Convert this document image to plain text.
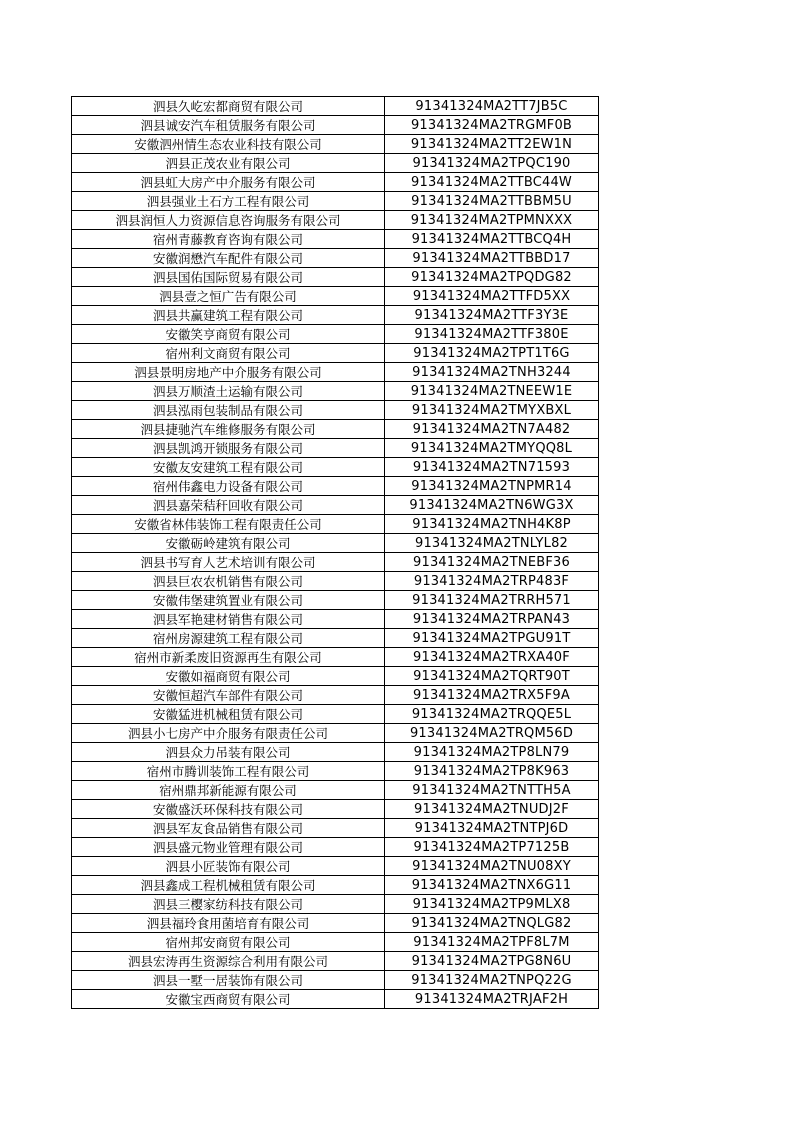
泗县久屹宏都商贸有限公司	91341324MA2TT7JB5C
泗县诚安汽车租赁服务有限公司	91341324MA2TRGMF0B
安徽泗州情生态农业科技有限公司	91341324MA2TT2EW1N
泗县正茂农业有限公司	91341324MA2TPQC190
泗县虹大房产中介服务有限公司	91341324MA2TTBC44W
泗县强业土石方工程有限公司	91341324MA2TTBBM5U
泗县润恒人力资源信息咨询服务有限公司	91341324MA2TPMNXXX
宿州青藤教育咨询有限公司	91341324MA2TTBCQ4H
安徽润懋汽车配件有限公司	91341324MA2TTBBD17
泗县国佑国际贸易有限公司	91341324MA2TPQDG82
泗县壹之恒广告有限公司	91341324MA2TTFD5XX
泗县共赢建筑工程有限公司	91341324MA2TTF3Y3E
安徽笑亨商贸有限公司	91341324MA2TTF380E
宿州利文商贸有限公司	91341324MA2TPT1T6G
泗县景明房地产中介服务有限公司	91341324MA2TNH3244
泗县万顺渣土运输有限公司	91341324MA2TNEEW1E
泗县泓雨包装制品有限公司	91341324MA2TMYXBXL
泗县捷驰汽车维修服务有限公司	91341324MA2TN7A482
泗县凯鸿开锁服务有限公司	91341324MA2TMYQQ8L
安徽友安建筑工程有限公司	91341324MA2TN71593
宿州伟鑫电力设备有限公司	91341324MA2TNPMR14
泗县嘉荣秸秆回收有限公司	91341324MA2TN6WG3X
安徽省林伟装饰工程有限责任公司	91341324MA2TNH4K8P
安徽砺岭建筑有限公司	91341324MA2TNLYL82
泗县书写育人艺术培训有限公司	91341324MA2TNEBF36
泗县巨农农机销售有限公司	91341324MA2TRP483F
安徽伟堡建筑置业有限公司	91341324MA2TRRH571
泗县军艳建材销售有限公司	91341324MA2TRPAN43
宿州房源建筑工程有限公司	91341324MA2TPGU91T
宿州市新柔废旧资源再生有限公司	91341324MA2TRXA40F
安徽如福商贸有限公司	91341324MA2TQRT90T
安徽恒超汽车部件有限公司	91341324MA2TRX5F9A
安徽猛进机械租赁有限公司	91341324MA2TRQQE5L
泗县小七房产中介服务有限责任公司	91341324MA2TRQM56D
泗县众力吊装有限公司	91341324MA2TP8LN79
宿州市腾训装饰工程有限公司	91341324MA2TP8K963
宿州鼎邦新能源有限公司	91341324MA2TNTTH5A
安徽盛沃环保科技有限公司	91341324MA2TNUDJ2F
泗县军友食品销售有限公司	91341324MA2TNTPJ6D
泗县盛元物业管理有限公司	91341324MA2TP7125B
泗县小匠装饰有限公司	91341324MA2TNU08XY
泗县鑫成工程机械租赁有限公司	91341324MA2TNX6G11
泗县三樱家纺科技有限公司	91341324MA2TP9MLX8
泗县福玲食用菌培育有限公司	91341324MA2TNQLG82
宿州邦安商贸有限公司	91341324MA2TPF8L7M
泗县宏涛再生资源综合利用有限公司	91341324MA2TPG8N6U
泗县一墅一居装饰有限公司	91341324MA2TNPQ22G
安徽宝西商贸有限公司	91341324MA2TRJAF2H
